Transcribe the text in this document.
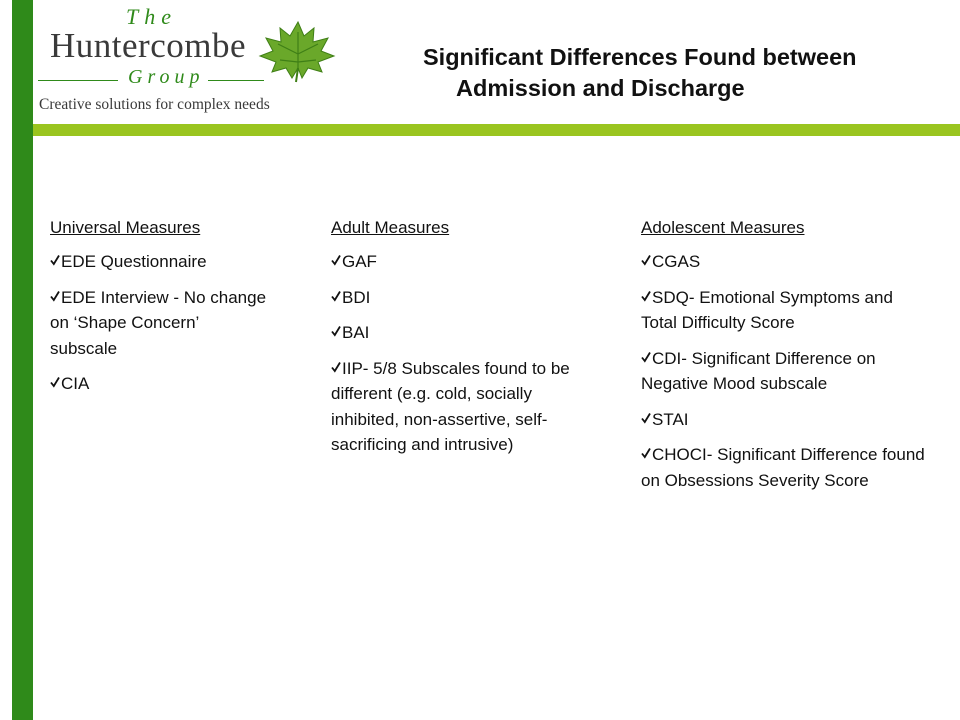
The

Huntercombe

Group

Creative solutions for complex needs

Significant Differences Found between
Admission and Discharge
Universal Measures
EDE Questionnaire
EDE Interview - No change on ‘Shape Concern’ subscale
CIA
Adult Measures
GAF
BDI
BAI
IIP- 5/8 Subscales found to be different (e.g. cold, socially inhibited, non-assertive, self-sacrificing and intrusive)
Adolescent Measures
CGAS
SDQ- Emotional Symptoms and Total Difficulty Score
CDI- Significant Difference on Negative Mood subscale
STAI
CHOCI- Significant Difference found on Obsessions Severity Score
